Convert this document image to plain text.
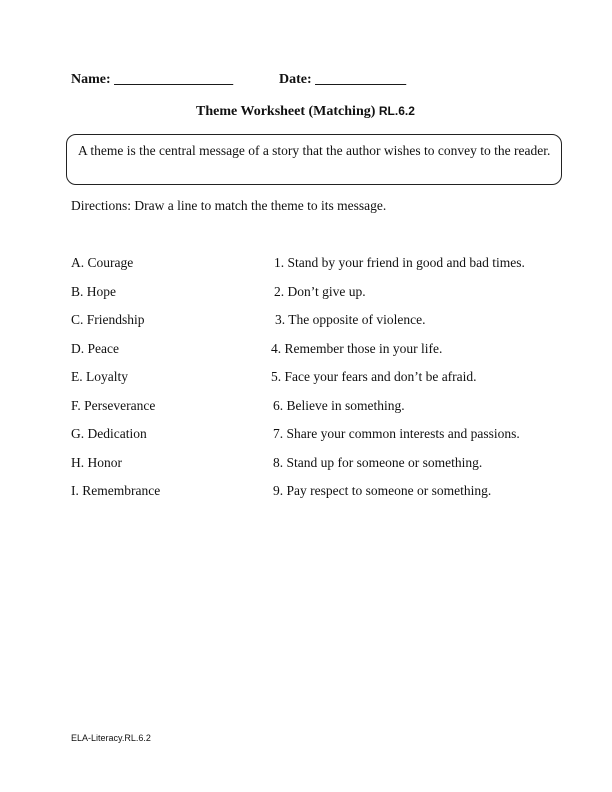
Name: _________________	Date: _____________
Theme Worksheet (Matching) RL.6.2
A theme is the central message of a story that the author wishes to convey to the reader.
Directions: Draw a line to match the theme to its message.
A. Courage
B. Hope
C. Friendship
D. Peace
E. Loyalty
F. Perseverance
G. Dedication
H. Honor
I. Remembrance
1. Stand by your friend in good and bad times.
2. Don’t give up.
3. The opposite of violence.
4. Remember those in your life.
5. Face your fears and don’t be afraid.
6. Believe in something.
7. Share your common interests and passions.
8. Stand up for someone or something.
9. Pay respect to someone or something.
ELA-Literacy.RL.6.2
